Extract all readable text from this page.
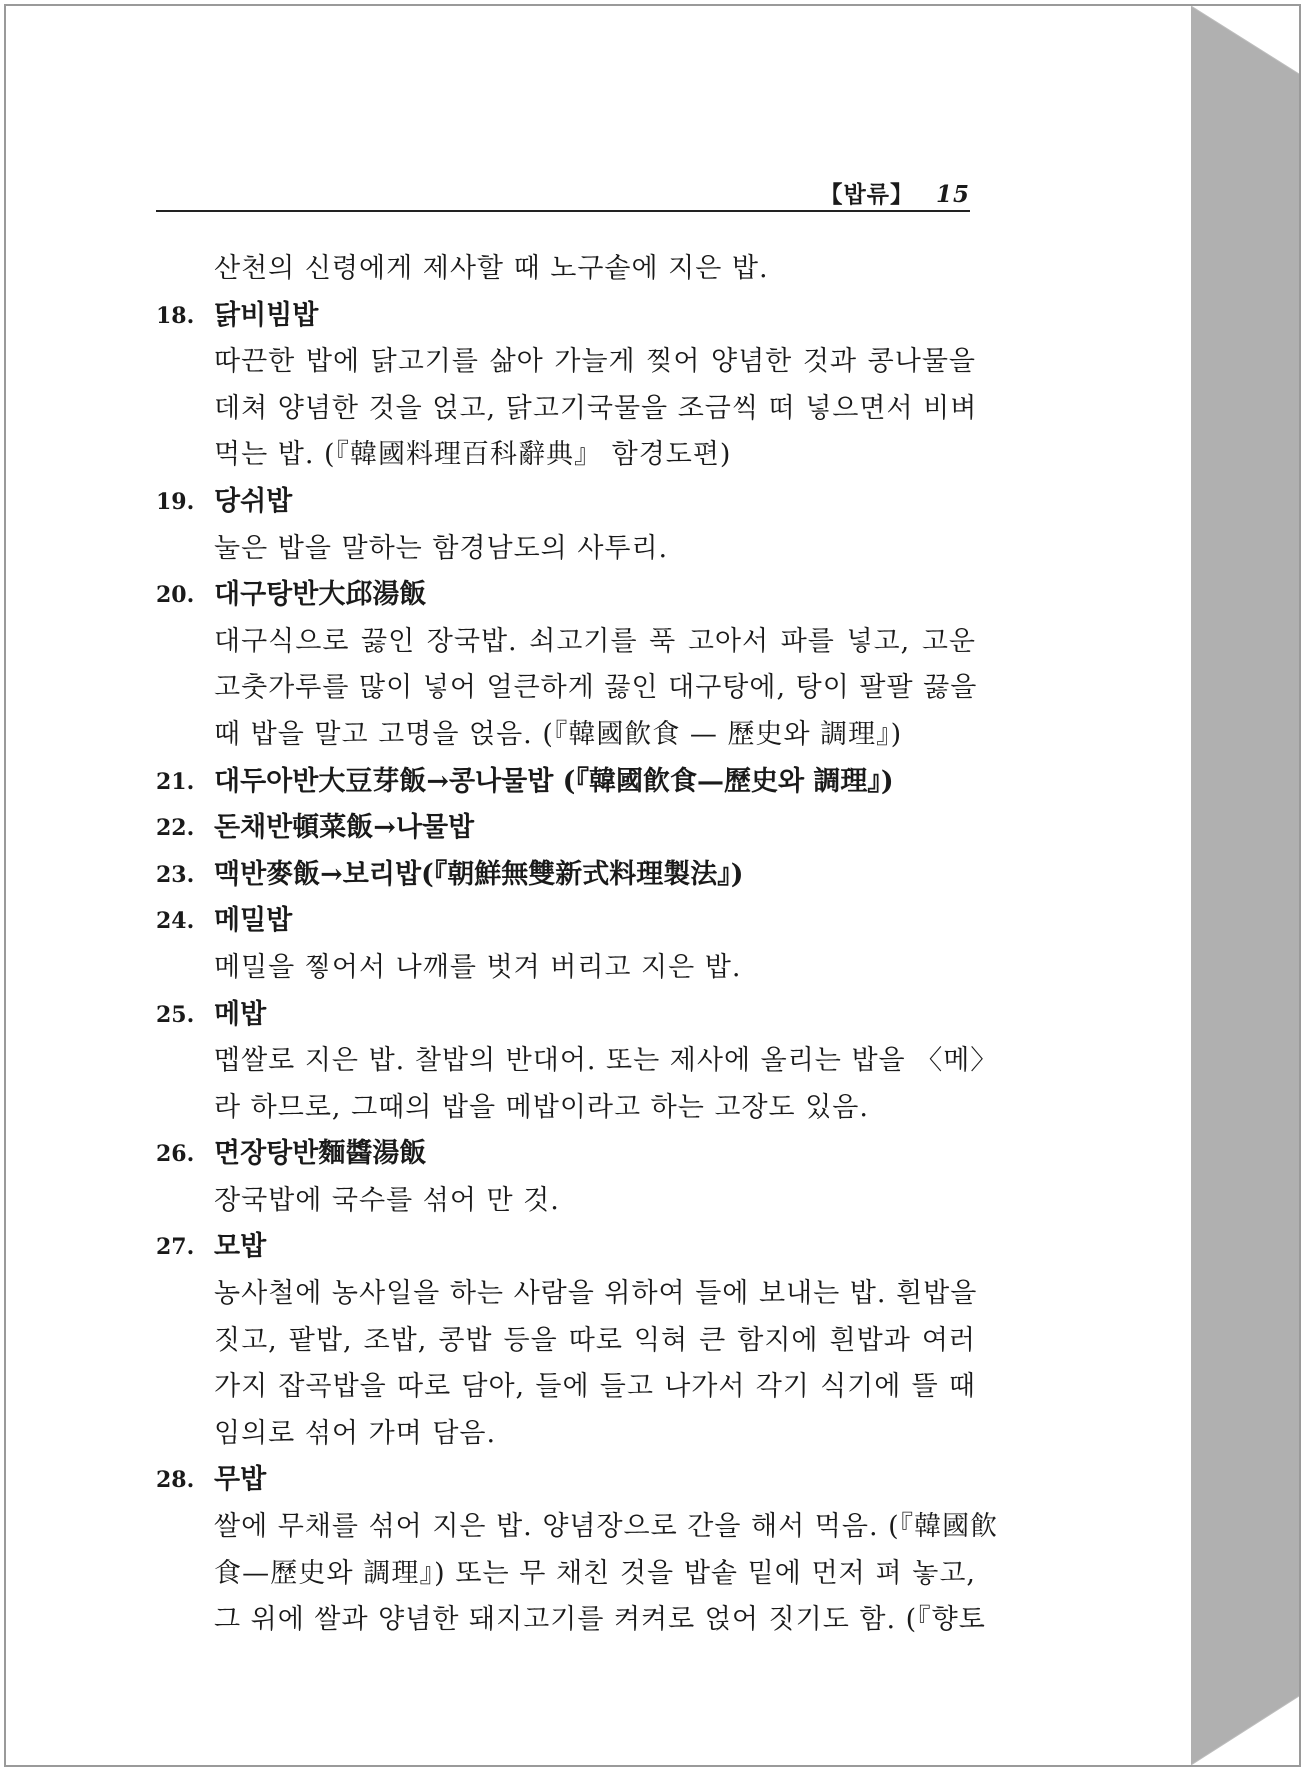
【밥류】 15
산천의 신령에게 제사할 때 노구솥에 지은 밥.
18. 닭비빔밥
따끈한 밥에 닭고기를 삶아 가늘게 찢어 양념한 것과 콩나물을
데쳐 양념한 것을 얹고, 닭고기국물을 조금씩 떠 넣으면서 비벼
먹는 밥. (『韓國料理百科辭典』 함경도편)
19. 당쉬밥
눌은 밥을 말하는 함경남도의 사투리.
20. 대구탕반大邱湯飯
대구식으로 끓인 장국밥. 쇠고기를 푹 고아서 파를 넣고, 고운
고춧가루를 많이 넣어 얼큰하게 끓인 대구탕에, 탕이 팔팔 끓을
때 밥을 말고 고명을 얹음. (『韓國飮食 — 歷史와 調理』)
21. 대두아반大豆芽飯→콩나물밥 (『韓國飮食—歷史와 調理』)
22. 돈채반頓菜飯→나물밥
23. 맥반麥飯→보리밥(『朝鮮無雙新式料理製法』)
24. 메밀밥
메밀을 찧어서 나깨를 벗겨 버리고 지은 밥.
25. 메밥
멥쌀로 지은 밥. 찰밥의 반대어. 또는 제사에 올리는 밥을 〈메〉
라 하므로, 그때의 밥을 메밥이라고 하는 고장도 있음.
26. 면장탕반麵醬湯飯
장국밥에 국수를 섞어 만 것.
27. 모밥
농사철에 농사일을 하는 사람을 위하여 들에 보내는 밥. 흰밥을
짓고, 팥밥, 조밥, 콩밥 등을 따로 익혀 큰 함지에 흰밥과 여러
가지 잡곡밥을 따로 담아, 들에 들고 나가서 각기 식기에 뜰 때
임의로 섞어 가며 담음.
28. 무밥
쌀에 무채를 섞어 지은 밥. 양념장으로 간을 해서 먹음. (『韓國飮
食—歷史와 調理』) 또는 무 채친 것을 밥솥 밑에 먼저 펴 놓고,
그 위에 쌀과 양념한 돼지고기를 켜켜로 얹어 짓기도 함. (『향토
